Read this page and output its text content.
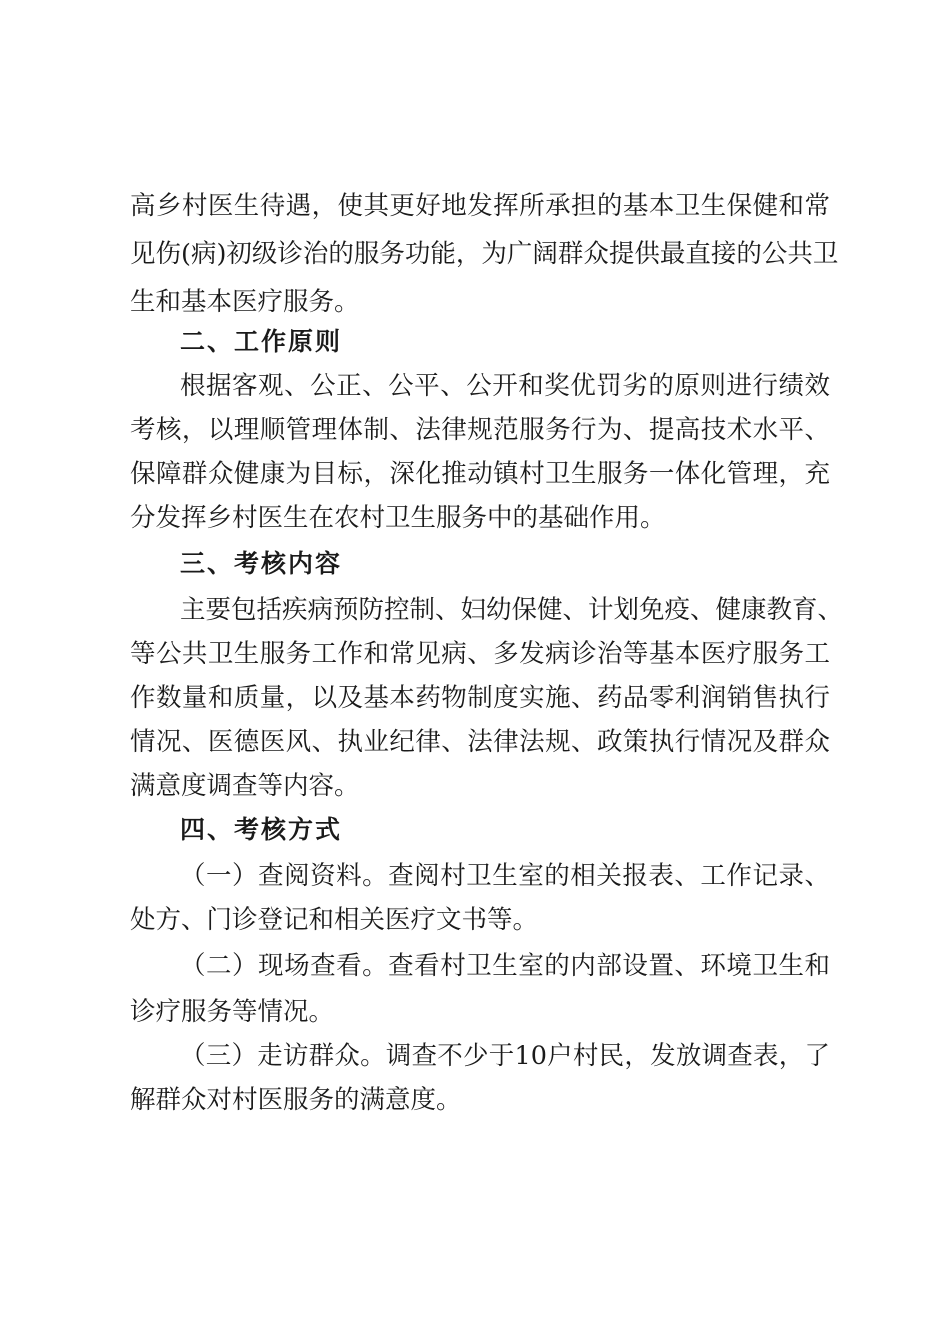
高乡村医生待遇，使其更好地发挥所承担的基本卫生保健和常
见伤(病)初级诊治的服务功能，为广阔群众提供最直接的公共卫
生和基本医疗服务。
二、工作原则
根据客观、公正、公平、公开和奖优罚劣的原则进行绩效
考核，以理顺管理体制、法律规范服务行为、提高技术水平、
保障群众健康为目标，深化推动镇村卫生服务一体化管理，充
分发挥乡村医生在农村卫生服务中的基础作用。
三、考核内容
主要包括疾病预防控制、妇幼保健、计划免疫、健康教育、
等公共卫生服务工作和常见病、多发病诊治等基本医疗服务工
作数量和质量，以及基本药物制度实施、药品零利润销售执行
情况、医德医风、执业纪律、法律法规、政策执行情况及群众
满意度调查等内容。
四、考核方式
（一）查阅资料。查阅村卫生室的相关报表、工作记录、
处方、门诊登记和相关医疗文书等。
（二）现场查看。查看村卫生室的内部设置、环境卫生和
诊疗服务等情况。
（三）走访群众。调查不少于10户村民，发放调查表，了
解群众对村医服务的满意度。
